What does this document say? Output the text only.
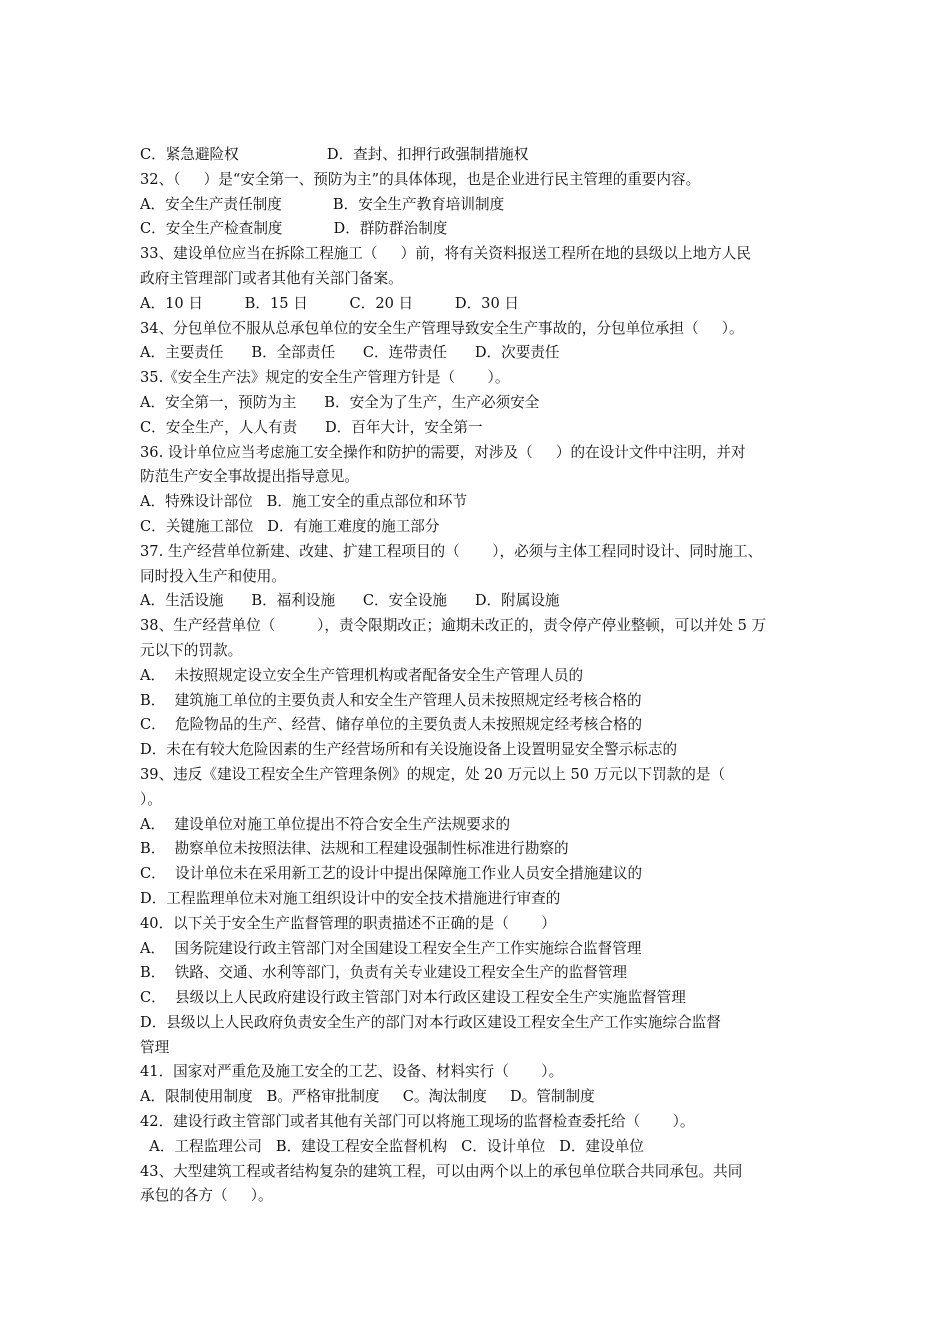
C．紧急避险权                   D．查封、扣押行政强制措施权
32、（     ）是“安全第一、预防为主”的具体体现，也是企业进行民主管理的重要内容。
A．安全生产责任制度           B．安全生产教育培训制度
C．安全生产检查制度           D．群防群治制度
33、建设单位应当在拆除工程施工（     ）前，将有关资料报送工程所在地的县级以上地方人民
政府主管理部门或者其他有关部门备案。
A．10 日         B．15 日         C．20 日         D．30 日
34、分包单位不服从总承包单位的安全生产管理导致安全生产事故的，分包单位承担（     ）。
A．主要责任      B．全部责任      C．连带责任      D．次要责任
35.《安全生产法》规定的安全生产管理方针是（       ）。
A．安全第一，预防为主      B．安全为了生产，生产必须安全
C．安全生产，人人有责      D．百年大计，安全第一
36. 设计单位应当考虑施工安全操作和防护的需要，对涉及（     ）的在设计文件中注明，并对
防范生产安全事故提出指导意见。
A．特殊设计部位   B．施工安全的重点部位和环节
C．关键施工部位   D．有施工难度的施工部分
37. 生产经营单位新建、改建、扩建工程项目的（       ），必须与主体工程同时设计、同时施工、
同时投入生产和使用。
A．生活设施      B．福利设施      C．安全设施      D．附属设施
38、生产经营单位（         ），责令限期改正；逾期未改正的，责令停产停业整顿，可以并处 5 万
元以下的罚款。
A．  未按照规定设立安全生产管理机构或者配备安全生产管理人员的
B．  建筑施工单位的主要负责人和安全生产管理人员未按照规定经考核合格的
C．  危险物品的生产、经营、储存单位的主要负责人未按照规定经考核合格的
D．未在有较大危险因素的生产经营场所和有关设施设备上设置明显安全警示标志的
39、违反《建设工程安全生产管理条例》的规定，处 20 万元以上 50 万元以下罚款的是（
）。
A．  建设单位对施工单位提出不符合安全生产法规要求的
B．  勘察单位未按照法律、法规和工程建设强制性标准进行勘察的
C．  设计单位未在采用新工艺的设计中提出保障施工作业人员安全措施建议的
D．工程监理单位未对施工组织设计中的安全技术措施进行审查的
40．以下关于安全生产监督管理的职责描述不正确的是（       ）
A．  国务院建设行政主管部门对全国建设工程安全生产工作实施综合监督管理
B．  铁路、交通、水利等部门，负责有关专业建设工程安全生产的监督管理
C．  县级以上人民政府建设行政主管部门对本行政区建设工程安全生产实施监督管理
D．县级以上人民政府负责安全生产的部门对本行政区建设工程安全生产工作实施综合监督
管理
41．国家对严重危及施工安全的工艺、设备、材料实行（       ）。
A．限制使用制度   B。严格审批制度     C。淘汰制度     D。管制制度
42．建设行政主管部门或者其他有关部门可以将施工现场的监督检查委托给（       ）。
A．工程监理公司   B．建设工程安全监督机构   C．设计单位   D．建设单位
43、大型建筑工程或者结构复杂的建筑工程，可以由两个以上的承包单位联合共同承包。共同
承包的各方（     ）。
